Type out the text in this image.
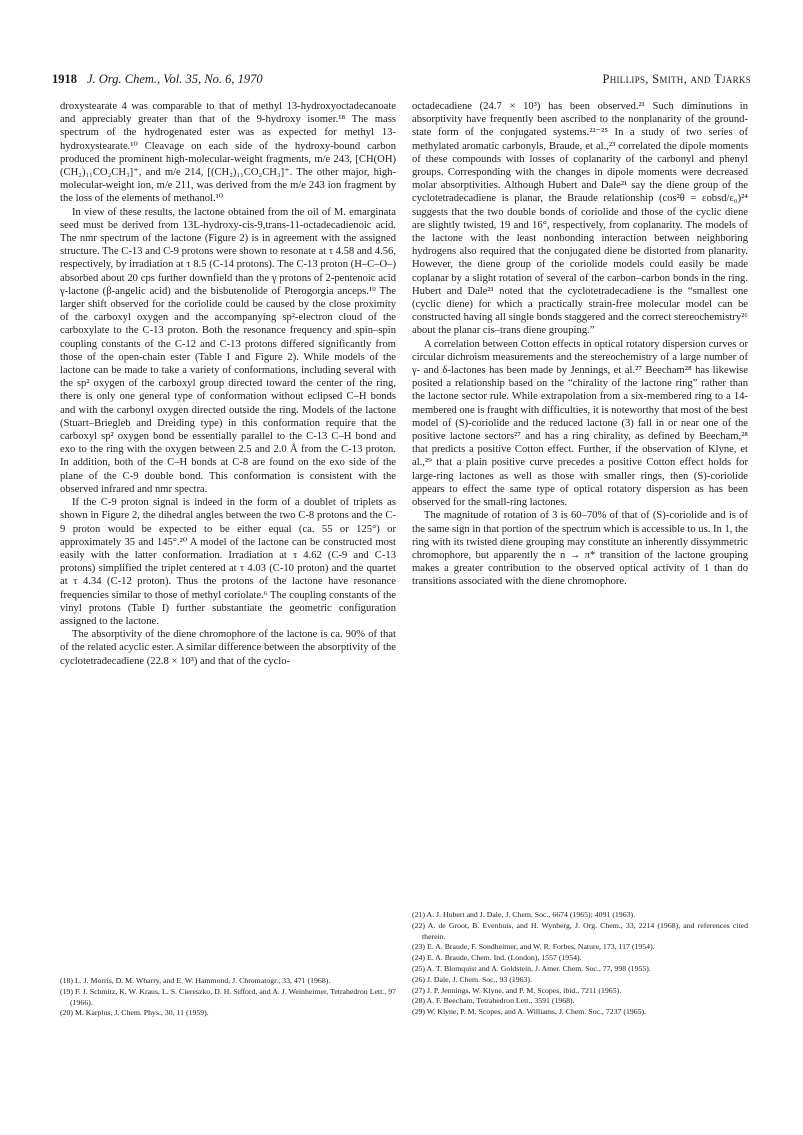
1918 J. Org. Chem., Vol. 35, No. 6, 1970	Phillips, Smith, and Tjarks

droxystearate 4 was comparable to that of methyl 13-hydroxyoctadecanoate and appreciably greater than that of the 9-hydroxy isomer.¹⁸ The mass spectrum of the hydrogenated ester was as expected for methyl 13-hydroxystearate.¹⁰ Cleavage on each side of the hydroxy-bound carbon produced the prominent high-molecular-weight fragments, m/e 243, [CH(OH)(CH₂)₁₁CO₂CH₃]⁺, and m/e 214, [(CH₂)₁₁CO₂CH₃]⁺. The other major, high-molecular-weight ion, m/e 211, was derived from the m/e 243 ion fragment by the loss of the elements of methanol.¹⁰

In view of these results, the lactone obtained from the oil of M. emarginata seed must be derived from 13L-hydroxy-cis-9,trans-11-octadecadienoic acid. The nmr spectrum of the lactone (Figure 2) is in agreement with the assigned structure. The C-13 and C-9 protons were shown to resonate at τ 4.58 and 4.56, respectively, by irradiation at τ 8.5 (C-14 protons). The C-13 proton (H–C–O–) absorbed about 20 cps further downfield than the γ protons of 2-pentenoic acid γ-lactone (β-angelic acid) and the bisbutenolide of Pterogorgia anceps.¹⁹ The larger shift observed for the coriolide could be caused by the close proximity of the carboxyl oxygen and the accompanying sp²-electron cloud of the carboxylate to the C-13 proton. Both the resonance frequency and spin–spin coupling constants of the C-12 and C-13 protons differed significantly from those of the open-chain ester (Table I and Figure 2). While models of the lactone can be made to take a variety of conformations, including several with the sp² oxygen of the carboxyl group directed toward the center of the ring, there is only one general type of conformation without eclipsed C–H bonds and with the carbonyl oxygen directed outside the ring. Models of the lactone (Stuart–Briegleb and Dreiding type) in this conformation require that the carboxyl sp² oxygen bond be essentially parallel to the C-13 C–H bond and exo to the ring with the oxygen between 2.5 and 2.0 Å from the C-13 proton. In addition, both of the C–H bonds at C-8 are found on the exo side of the plane of the C-9 double bond. This conformation is consistent with the observed infrared and nmr spectra.

If the C-9 proton signal is indeed in the form of a doublet of triplets as shown in Figure 2, the dihedral angles between the two C-8 protons and the C-9 proton would be expected to be either equal (ca. 55 or 125°) or approximately 35 and 145°.²⁰ A model of the lactone can be constructed most easily with the latter conformation. Irradiation at τ 4.62 (C-9 and C-13 protons) simplified the triplet centered at τ 4.03 (C-10 proton) and the quartet at τ 4.34 (C-12 proton). Thus the protons of the lactone have resonance frequencies similar to those of methyl coriolate.⁶ The coupling constants of the vinyl protons (Table I) further substantiate the geometric configuration assigned to the lactone.

The absorptivity of the diene chromophore of the lactone is ca. 90% of that of the related acyclic ester. A similar difference between the absorptivity of the cyclotetradecadiene (22.8 × 10³) and that of the cyclo-

octadecadiene (24.7 × 10³) has been observed.²¹ Such diminutions in absorptivity have frequently been ascribed to the nonplanarity of the ground-state form of the conjugated systems.²²⁻²⁵ In a study of two series of methylated aromatic carbonyls, Braude, et al.,²³ correlated the dipole moments of these compounds with losses of coplanarity of the carbonyl and phenyl groups. Corresponding with the changes in dipole moments were decreased molar absorptivities. Although Hubert and Dale²¹ say the diene group of the cyclotetradecadiene is planar, the Braude relationship (cos²θ = εobsd/ε₀)²⁴ suggests that the two double bonds of coriolide and those of the cyclic diene are slightly twisted, 19 and 16°, respectively, from coplanarity. The models of the lactone with the least nonbonding interaction between neighboring hydrogens also required that the conjugated diene be distorted from planarity. However, the diene group of the coriolide models could easily be made coplanar by a slight rotation of several of the carbon–carbon bonds in the ring. Hubert and Dale²¹ noted that the cyclotetradecadiene is the “smallest one (cyclic diene) for which a practically strain-free molecular model can be constructed having all single bonds staggered and the correct stereochemistry²⁶ about the planar cis–trans diene grouping.”

A correlation between Cotton effects in optical rotatory dispersion curves or circular dichroism measurements and the stereochemistry of a large number of γ- and δ-lactones has been made by Jennings, et al.²⁷ Beecham²⁸ has likewise posited a relationship based on the “chirality of the lactone ring” rather than the lactone sector rule. While extrapolation from a six-membered ring to a 14-membered one is fraught with difficulties, it is noteworthy that most of the best model of (S)-coriolide and the reduced lactone (3) fall in or near one of the positive lactone sectors²⁷ and has a ring chirality, as defined by Beecham,²⁸ that predicts a positive Cotton effect. Further, if the observation of Klyne, et al.,²⁹ that a plain positive curve precedes a positive Cotton effect holds for large-ring lactones as well as those with smaller rings, then (S)-coriolide appears to effect the same type of optical rotatory dispersion as has been observed for the small-ring lactones.

The magnitude of rotation of 3 is 60–70% of that of (S)-coriolide and is of the same sign in that portion of the spectrum which is accessible to us. In 1, the ring with its twisted diene grouping may constitute an inherently dissymmetric chromophore, but apparently the n → π* transition of the lactone grouping makes a greater contribution to the observed optical activity of 1 than do transitions associated with the diene chromophore.

(18) L. J. Morris, D. M. Wharry, and E. W. Hammond, J. Chromatogr., 33, 471 (1968).

(19) F. J. Schmitz, K. W. Kraus, L. S. Ciereszko, D. H. Sifford, and A. J. Weinheimer, Tetrahedron Lett., 97 (1966).

(20) M. Karplus, J. Chem. Phys., 30, 11 (1959).

(21) A. J. Hubert and J. Dale, J. Chem. Soc., 6674 (1965); 4091 (1963).

(22) A. de Groot, B. Evenhuis, and H. Wynberg, J. Org. Chem., 33, 2214 (1968), and references cited therein.

(23) E. A. Braude, F. Sondheimer, and W. R. Forbes, Nature, 173, 117 (1954).

(24) E. A. Braude, Chem. Ind. (London), 1557 (1954).

(25) A. T. Blomquist and A. Goldstein, J. Amer. Chem. Soc., 77, 998 (1955).

(26) J. Dale, J. Chem. Soc., 93 (1963).

(27) J. P. Jennings, W. Klyne, and P. M. Scopes, ibid., 7211 (1965).

(28) A. F. Beecham, Tetrahedron Lett., 3591 (1968).

(29) W. Klyne, P. M. Scopes, and A. Williams, J. Chem. Soc., 7237 (1965).
